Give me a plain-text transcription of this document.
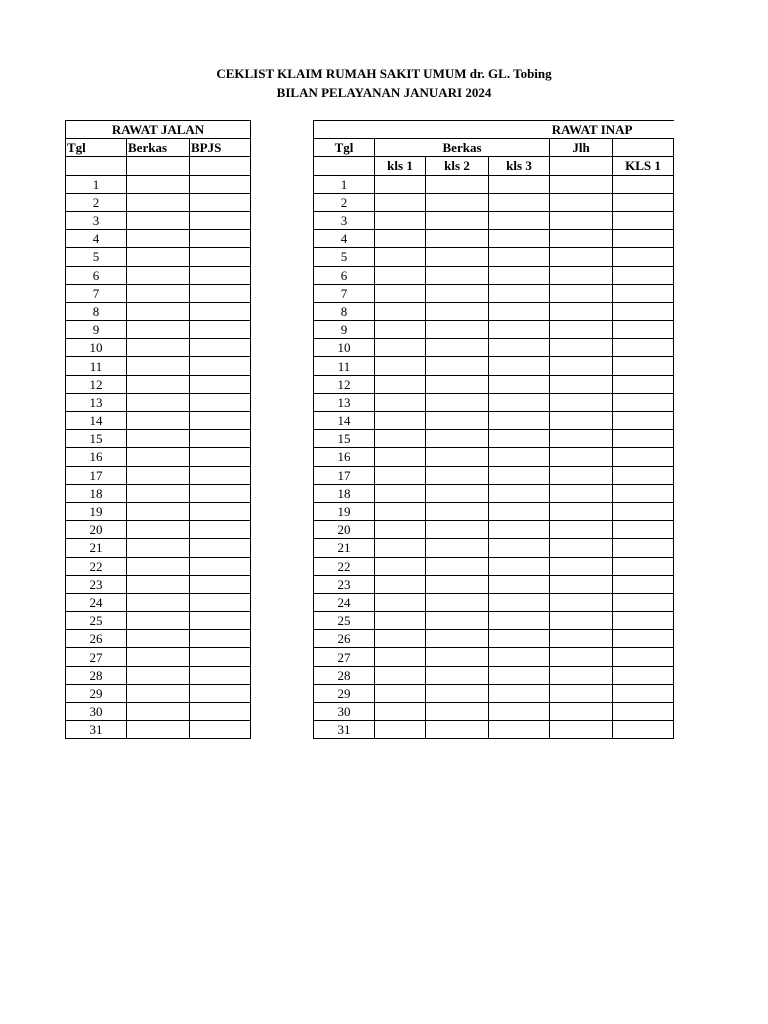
CEKLIST KLAIM RUMAH SAKIT UMUM dr. GL. Tobing
BILAN PELAYANAN JANUARI 2024
RAWAT JALAN		
Tgl	Berkas	BPJS

1		
2		
3		
4		
5		
6		
7		
8		
9		
10		
11		
12		
13		
14		
15		
16		
17		
18		
19		
20		
21		
22		
23		
24		
25		
26		
27		
28		
29		
30		
31		
RAWAT INAP					
Tgl	Berkas			Jlh	
	kls 1	kls 2	kls 3		KLS 1
1					
2					
3					
4					
5					
6					
7					
8					
9					
10					
11					
12					
13					
14					
15					
16					
17					
18					
19					
20					
21					
22					
23					
24					
25					
26					
27					
28					
29					
30					
31					
